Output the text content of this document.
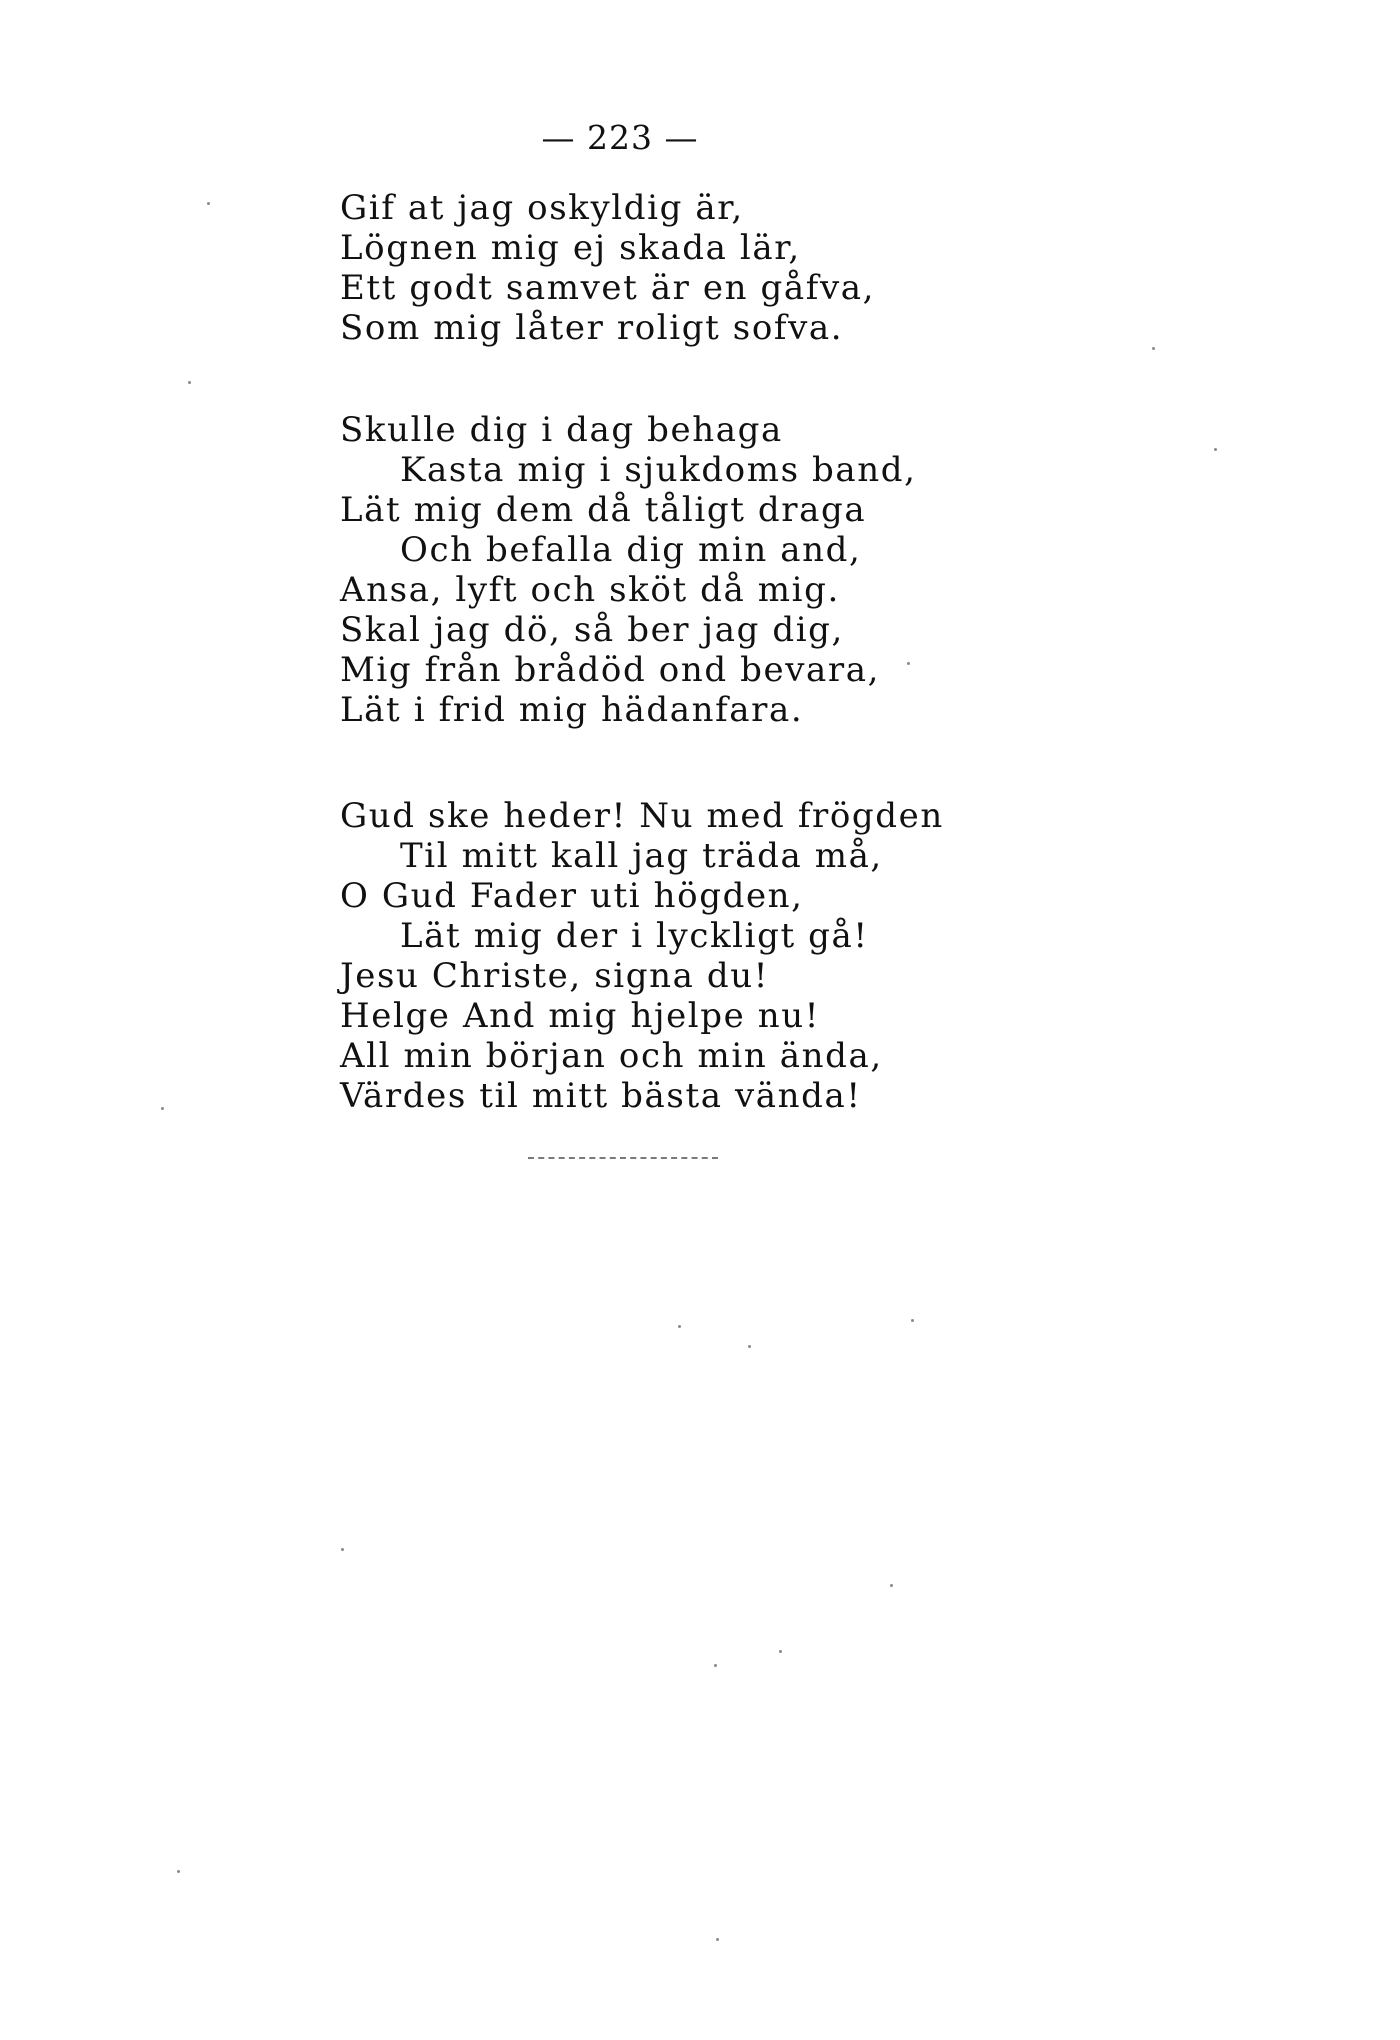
— 223 —
Gif at jag oskyldig är,
Lögnen mig ej skada lär,
Ett godt samvet är en gåfva,
Som mig låter roligt sofva.
Skulle dig i dag behaga
Kasta mig i sjukdoms band,
Lät mig dem då tåligt draga
Och befalla dig min and,
Ansa, lyft och sköt då mig.
Skal jag dö, så ber jag dig,
Mig från brådöd ond bevara,
Lät i frid mig hädanfara.
Gud ske heder! Nu med frögden
Til mitt kall jag träda må,
O Gud Fader uti högden,
Lät mig der i lyckligt gå!
Jesu Christe, signa du!
Helge And mig hjelpe nu!
All min början och min ända,
Värdes til mitt bästa vända!
